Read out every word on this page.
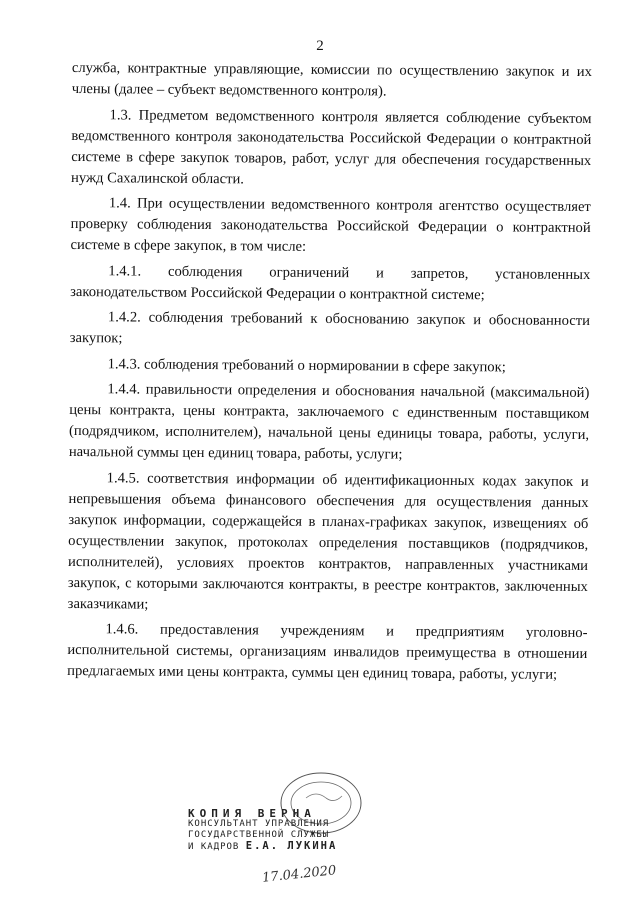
2

служба, контрактные управляющие, комиссии по осуществлению закупок и их члены (далее – субъект ведомственного контроля).

1.3. Предметом ведомственного контроля является соблюдение субъектом ведомственного контроля законодательства Российской Федерации о контрактной системе в сфере закупок товаров, работ, услуг для обеспечения государственных нужд Сахалинской области.

1.4. При осуществлении ведомственного контроля агентство осуществляет проверку соблюдения законодательства Российской Федерации о контрактной системе в сфере закупок, в том числе:

1.4.1. соблюдения ограничений и запретов, установленных законодательством Российской Федерации о контрактной системе;

1.4.2. соблюдения требований к обоснованию закупок и обоснованности закупок;

1.4.3. соблюдения требований о нормировании в сфере закупок;

1.4.4. правильности определения и обоснования начальной (максимальной) цены контракта, цены контракта, заключаемого с единственным поставщиком (подрядчиком, исполнителем), начальной цены единицы товара, работы, услуги, начальной суммы цен единиц товара, работы, услуги;

1.4.5. соответствия информации об идентификационных кодах закупок и непревышения объема финансового обеспечения для осуществления данных закупок информации, содержащейся в планах-графиках закупок, извещениях об осуществлении закупок, протоколах определения поставщиков (подрядчиков, исполнителей), условиях проектов контрактов, направленных участниками закупок, с которыми заключаются контракты, в реестре контрактов, заключенных заказчиками;

1.4.6. предоставления учреждениям и предприятиям уголовно-исполнительной системы, организациям инвалидов преимущества в отношении предлагаемых ими цены контракта, суммы цен единиц товара, работы, услуги;

КОПИЯ ВЕРНА
КОНСУЛЬТАНТ УПРАВЛЕНИЯ
ГОСУДАРСТВЕННОЙ СЛУЖБЫ
И КАДРОВ Е.А. ЛУКИНА
17.04.2020
